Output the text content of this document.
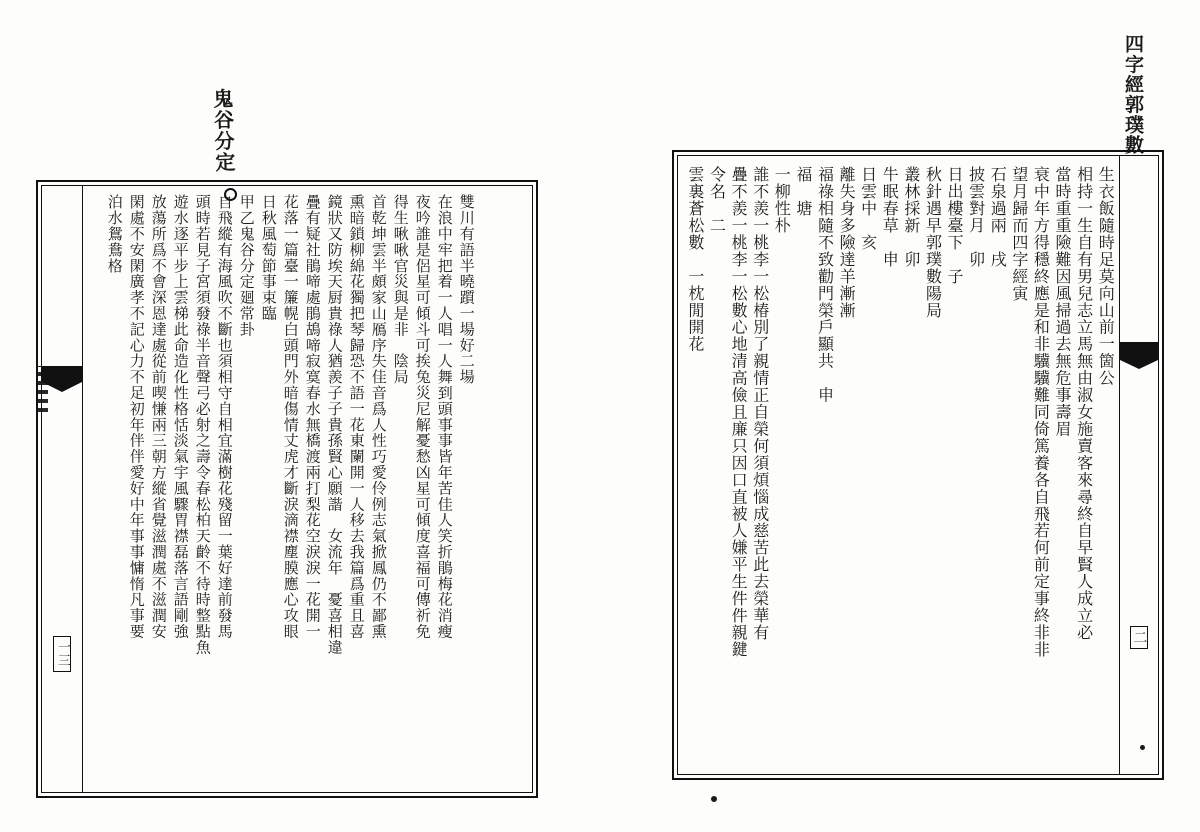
四字經郭璞數
生衣飯隨時足莫向山前一箇公
相持一生自有男兒志立馬無由淑女施賣客來尋終自早賢人成立必
當時重重險難因風掃過去無危事壽眉
衰中年方得穩終應是和非驥驥難同倚篤養各自飛若何前定事終非非
望月歸而四字經寅
石泉過兩　戌
披雲對月　卯
日出樓臺下　子
秋針遇早郭璞數陽局
叢林採新　卯
牛眠春草　申
日雲中　亥
離失身多險達羊漸漸
福祿相隨不致勸門榮戶顯共　申
福　塘
一柳性朴
誰不羨一桃李一松椿別了親情正自榮何須煩惱成慈苦此去榮華有
疊不羨一桃李一松數心地清高儉且廉只因口直被人嫌平生件件親鍵
令名　二
雲裏蒼松數　一枕閒開花
二
鬼谷分定
雙川有語半曉躓一場好二場
在浪中牢把着一人唱一人舞到頭事事皆年苦佳人笑折鵑梅花消瘦
夜吟誰是侶星可傾斗可挨兔災尼解憂愁凶星可傾度喜福可傳祈免
得生啾啾官災與是非　陰局
首乾坤雲半頗家山鴈序失佳音爲人性巧愛伶例志氣掀鳳仍不鄙熏
熏暗鎖柳綿花獨把琴歸恐不語一花東闌開一人移去我篇爲重且喜
鏡狀又防埃天厨貴祿人猶羨子子貴孫賢心願諧　女流年　憂喜相違
疊有疑社鵑啼處鵑鴣啼寂寞春水無橋渡兩打梨花空淚淚一花開一
花落一篇臺一簾幌白頭門外暗傷情丈虎才斷淚滴襟塵膜應心攻眼
日秋風萄節事束臨
甲乙鬼谷分定廻常卦
自飛縱有海風吹不斷也須相守自相宜滿樹花殘留一葉好達前發馬
頭時若見子宮須發祿半音聲弓必射之壽令春松柏天齡不待時整點魚
遊水逐平步上雲梯此命造化性格恬淡氣宇風驟胃襟磊落言語剛強
放蕩所爲不會深恩達處從前喫慊兩三朝方縱省覺滋潤處不滋潤安
閑處不安閑廣孝不記心力不足初年伴伴愛好中年事事慵惰凡事要
泊水鴛鴦格
一三
